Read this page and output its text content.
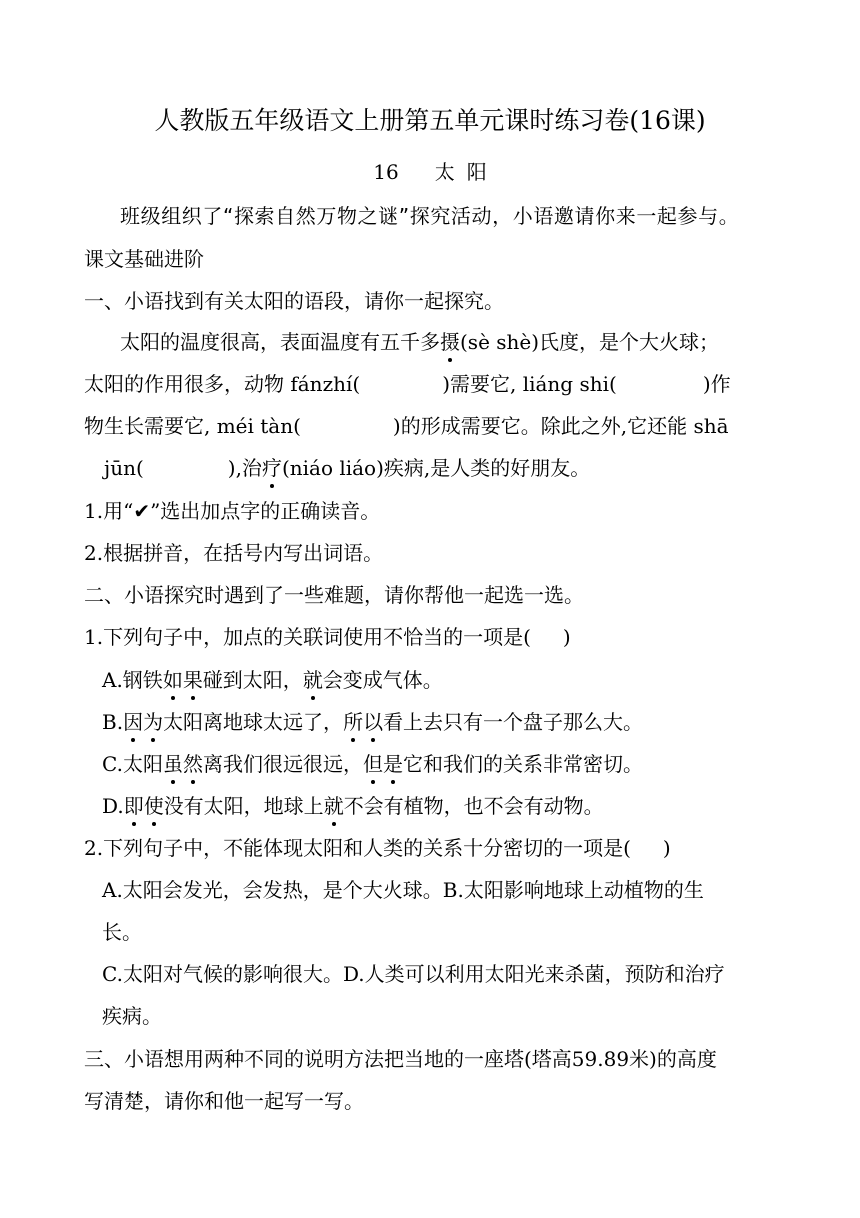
人教版五年级语文上册第五单元课时练习卷(16课)
16 太 阳
班级组织了“探索自然万物之谜”探究活动，小语邀请你来一起参与。
课文基础进阶
一、小语找到有关太阳的语段，请你一起探究。
太阳的温度很高，表面温度有五千多摄(sè shè)氏度，是个大火球；
太阳的作用很多，动物 fánzhí(	)需要它, liáng shi(	)作
物生长需要它, méi tàn(	)的形成需要它。除此之外,它还能 shā
jūn(	),治疗(niáo liáo)疾病,是人类的好朋友。
1.用“✔”选出加点字的正确读音。
2.根据拼音，在括号内写出词语。
二、小语探究时遇到了一些难题，请你帮他一起选一选。
1.下列句子中，加点的关联词使用不恰当的一项是( )
A.钢铁如果碰到太阳，就会变成气体。
B.因为太阳离地球太远了，所以看上去只有一个盘子那么大。
C.太阳虽然离我们很远很远，但是它和我们的关系非常密切。
D.即使没有太阳，地球上就不会有植物，也不会有动物。
2.下列句子中，不能体现太阳和人类的关系十分密切的一项是( )
A.太阳会发光，会发热，是个大火球。B.太阳影响地球上动植物的生
长。
C.太阳对气候的影响很大。D.人类可以利用太阳光来杀菌，预防和治疗
疾病。
三、小语想用两种不同的说明方法把当地的一座塔(塔高59.89米)的高度
写清楚，请你和他一起写一写。
